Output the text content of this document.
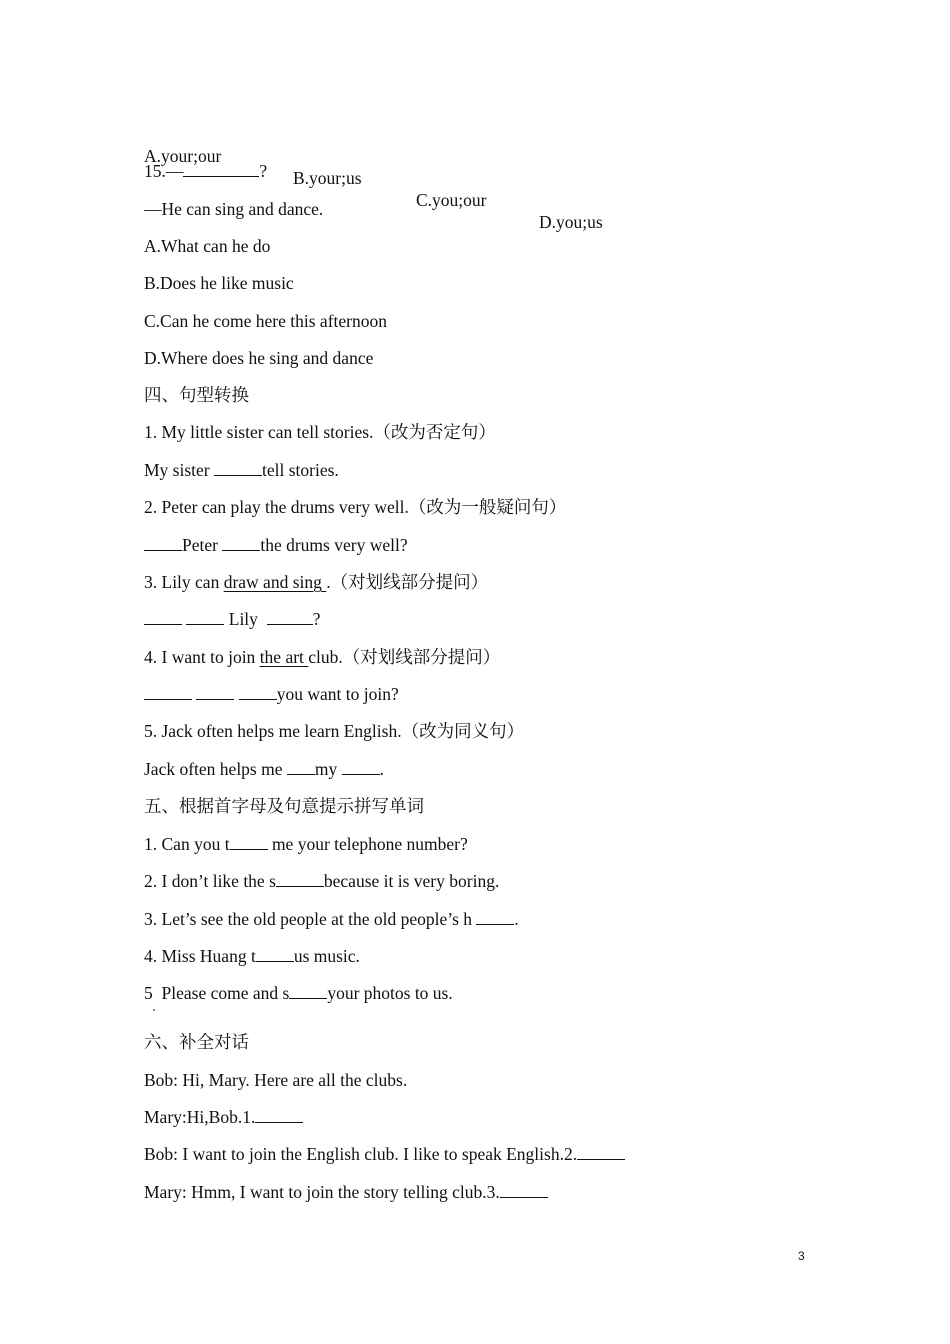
A.your;our

B.your;us

C.you;our

D.you;us

15.—	?
—He can sing and dance.
A.What can he do
B.Does he like music
C.Can he come here this afternoon
D.Where does he sing and dance
四、句型转换
1. My little sister can tell stories.（改为否定句）
My sister	tell stories.
2. Peter can play the drums very well.（改为一般疑问句）
Peter the drums very well?
3. Lily can draw and sing .（对划线部分提问）
Lily	?
4. I want to join the art club.（对划线部分提问）
you want to join?
5. Jack often helps me learn English.（改为同义句）
Jack often helps me my .
五、根据首字母及句意提示拼写单词
1. Can you t me your telephone number?
2. I don’t like the s	because it is very boring.
3. Let’s see the old people at the old people’s h .
4. Miss Huang t us music.
5  Please come and s your photos to us.
六、补全对话
Bob: Hi, Mary. Here are all the clubs.
Mary:Hi,Bob.1.
Bob: I want to join the English club. I like to speak English.2.
Mary: Hmm, I want to join the story telling club.3.
3
